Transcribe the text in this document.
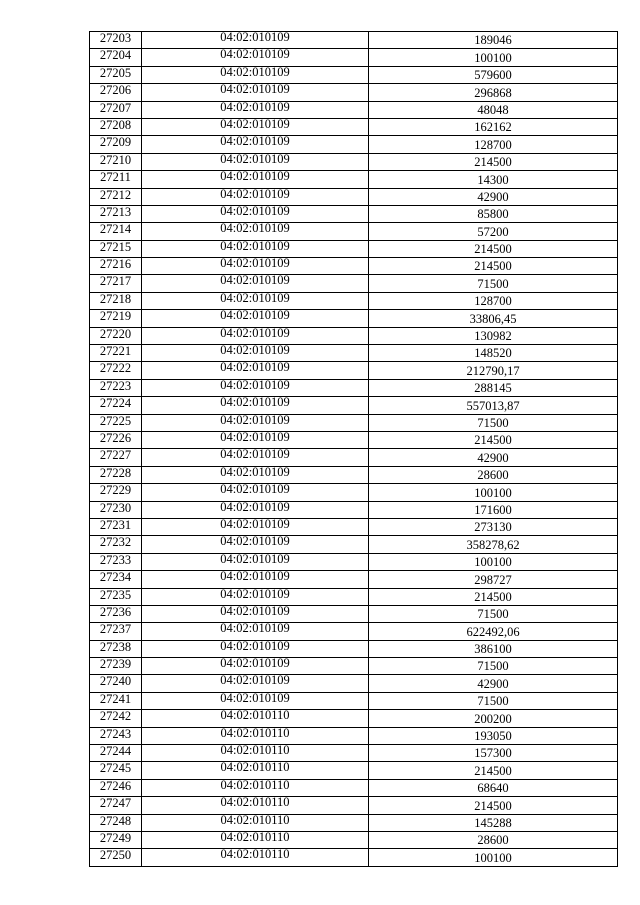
27203	04:02:010109	189046
27204	04:02:010109	100100
27205	04:02:010109	579600
27206	04:02:010109	296868
27207	04:02:010109	48048
27208	04:02:010109	162162
27209	04:02:010109	128700
27210	04:02:010109	214500
27211	04:02:010109	14300
27212	04:02:010109	42900
27213	04:02:010109	85800
27214	04:02:010109	57200
27215	04:02:010109	214500
27216	04:02:010109	214500
27217	04:02:010109	71500
27218	04:02:010109	128700
27219	04:02:010109	33806,45
27220	04:02:010109	130982
27221	04:02:010109	148520
27222	04:02:010109	212790,17
27223	04:02:010109	288145
27224	04:02:010109	557013,87
27225	04:02:010109	71500
27226	04:02:010109	214500
27227	04:02:010109	42900
27228	04:02:010109	28600
27229	04:02:010109	100100
27230	04:02:010109	171600
27231	04:02:010109	273130
27232	04:02:010109	358278,62
27233	04:02:010109	100100
27234	04:02:010109	298727
27235	04:02:010109	214500
27236	04:02:010109	71500
27237	04:02:010109	622492,06
27238	04:02:010109	386100
27239	04:02:010109	71500
27240	04:02:010109	42900
27241	04:02:010109	71500
27242	04:02:010110	200200
27243	04:02:010110	193050
27244	04:02:010110	157300
27245	04:02:010110	214500
27246	04:02:010110	68640
27247	04:02:010110	214500
27248	04:02:010110	145288
27249	04:02:010110	28600
27250	04:02:010110	100100
